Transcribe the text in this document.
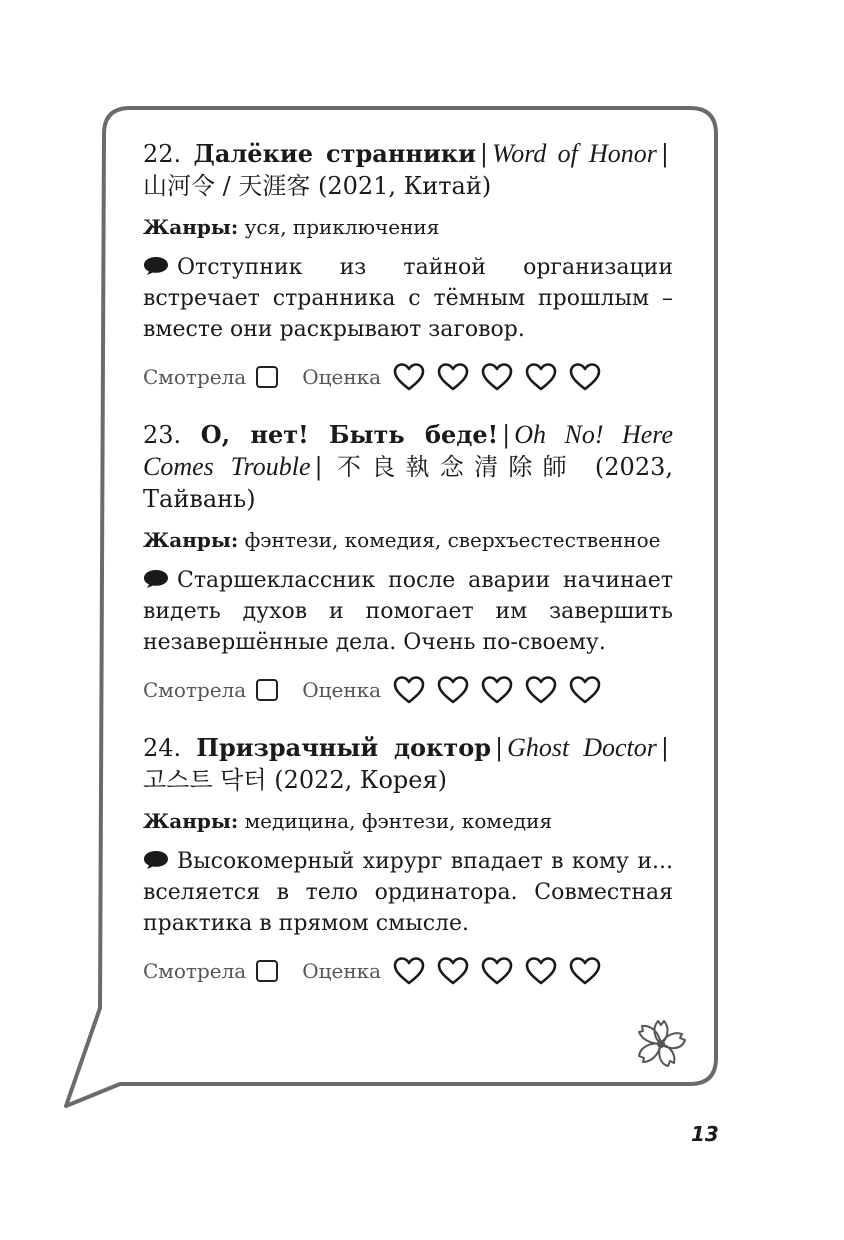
22. Далёкие странники | Word of Honor | 山河令 / 天涯客 (2021, Китай)

Жанры: уся, приключения

Отступник из тайной организации встречает странника с тёмным прошлым – вместе они раскрывают заговор.

Смотрела	Оценка

23. О, нет! Быть беде! | Oh No! Here Comes Trouble | 不良執念清除師 (2023, Тайвань)

Жанры: фэнтези, комедия, сверхъестественное

Старшеклассник после аварии начинает видеть духов и помогает им завершить незавершённые дела. Очень по-своему.

Смотрела	Оценка

24. Призрачный доктор | Ghost Doctor | 고스트 닥터 (2022, Корея)

Жанры: медицина, фэнтези, комедия

Высокомерный хирург впадает в кому и... вселяется в тело ординатора. Совместная практика в прямом смысле.

Смотрела	Оценка
13
